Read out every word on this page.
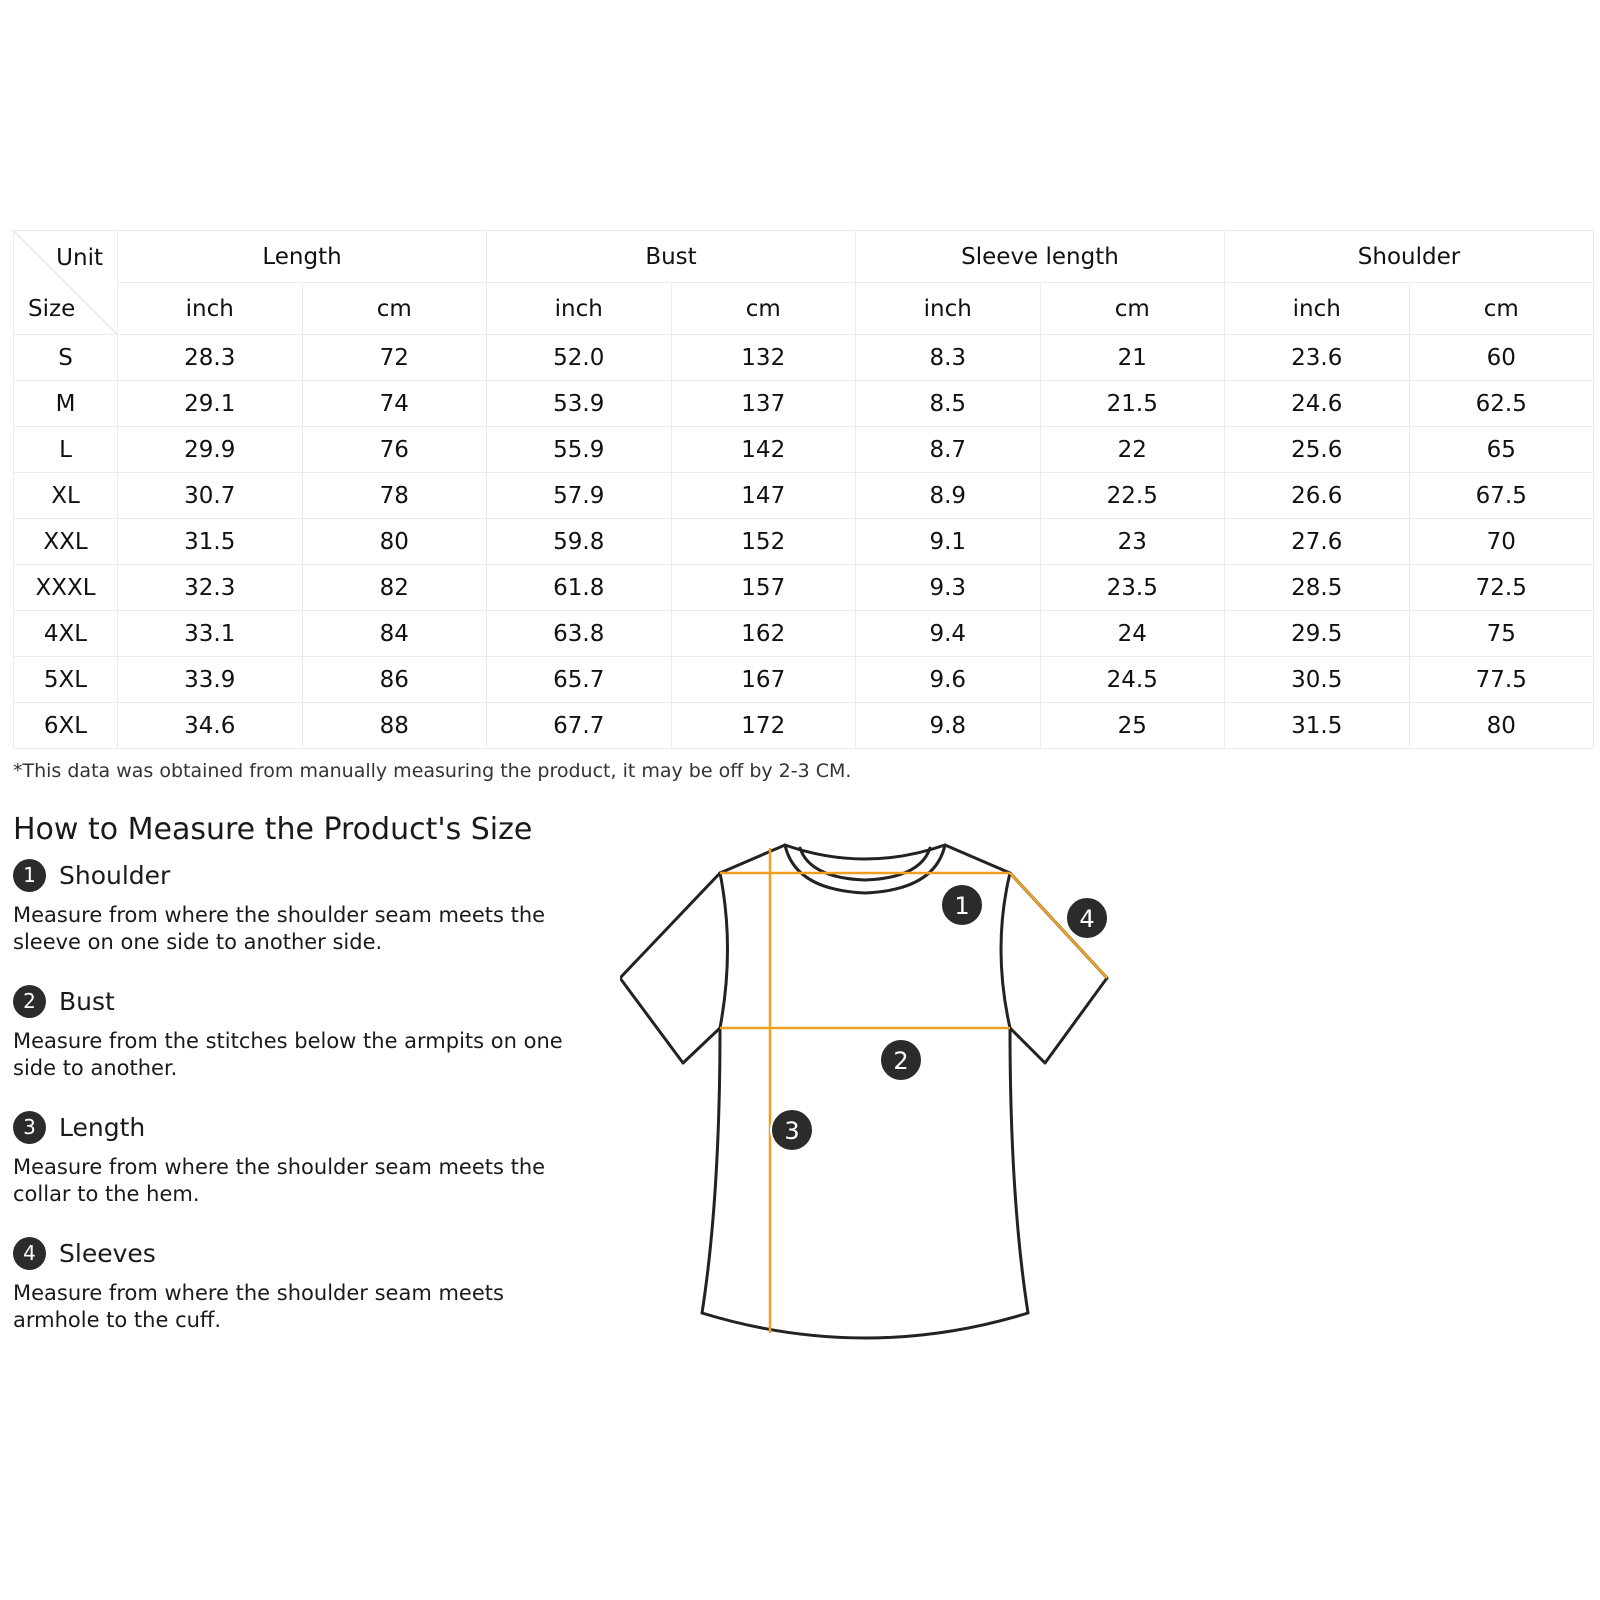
Unit
Size	Length		Bust		Sleeve length		Shoulder	
	inch	cm	inch	cm	inch	cm	inch	cm
S	28.3	72	52.0	132	8.3	21	23.6	60
M	29.1	74	53.9	137	8.5	21.5	24.6	62.5
L	29.9	76	55.9	142	8.7	22	25.6	65
XL	30.7	78	57.9	147	8.9	22.5	26.6	67.5
XXL	31.5	80	59.8	152	9.1	23	27.6	70
XXXL	32.3	82	61.8	157	9.3	23.5	28.5	72.5
4XL	33.1	84	63.8	162	9.4	24	29.5	75
5XL	33.9	86	65.7	167	9.6	24.5	30.5	77.5
6XL	34.6	88	67.7	172	9.8	25	31.5	80
*This data was obtained from manually measuring the product, it may be off by 2-3 CM.
How to Measure the Product's Size
1 Shoulder
Measure from where the shoulder seam meets the sleeve on one side to another side.
2 Bust
Measure from the stitches below the armpits on one side to another.
3 Length
Measure from where the shoulder seam meets the collar to the hem.
4 Sleeves
Measure from where the shoulder seam meets armhole to the cuff.
1
2
3
4
